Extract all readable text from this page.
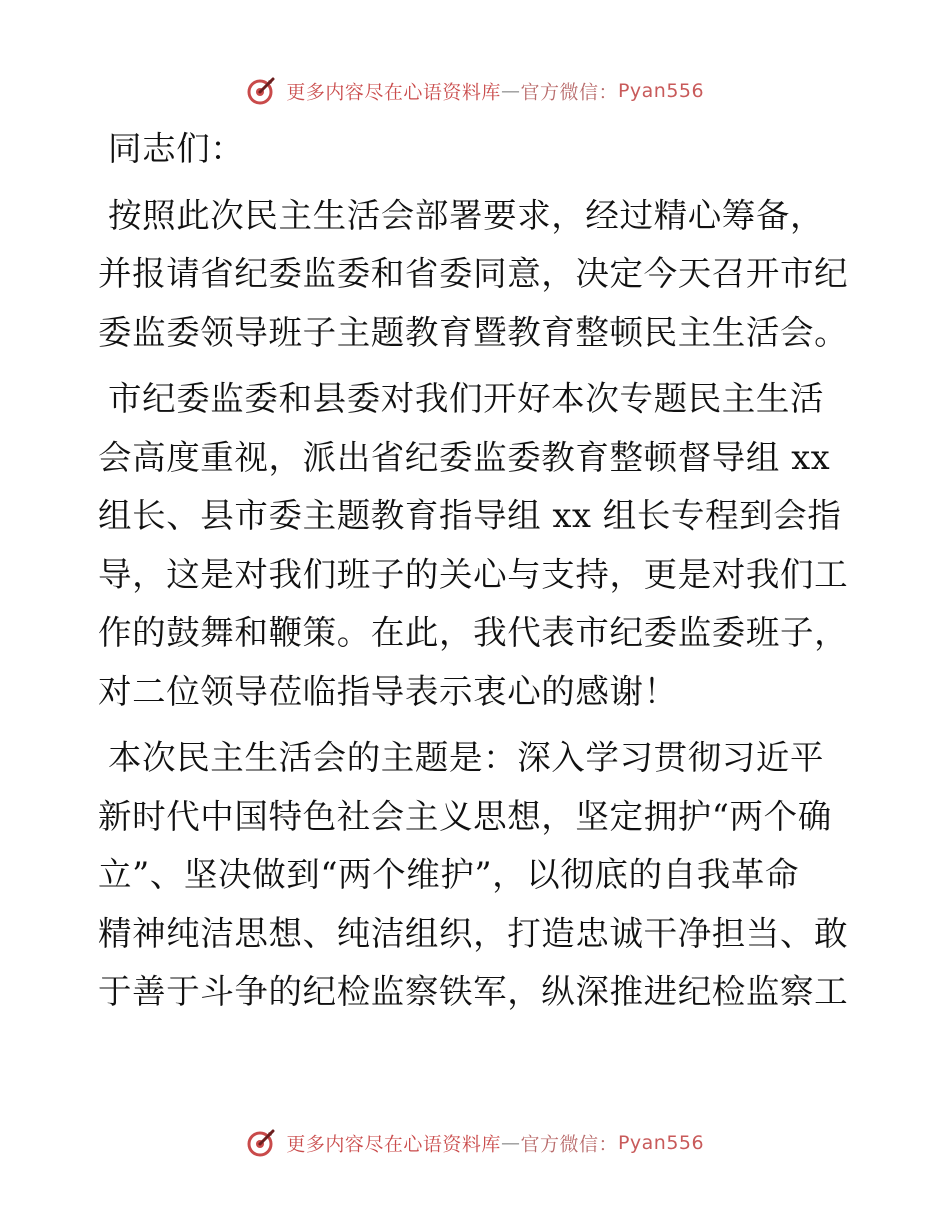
更多内容尽在心语资料库—官方微信：Pyan556
同志们：
按照此次民主生活会部署要求，经过精心筹备，
并报请省纪委监委和省委同意，决定今天召开市纪
委监委领导班子主题教育暨教育整顿民主生活会。
市纪委监委和县委对我们开好本次专题民主生活
会高度重视，派出省纪委监委教育整顿督导组 xx
组长、县市委主题教育指导组 xx 组长专程到会指
导，这是对我们班子的关心与支持，更是对我们工
作的鼓舞和鞭策。在此，我代表市纪委监委班子，
对二位领导莅临指导表示衷心的感谢！
本次民主生活会的主题是：深入学习贯彻习近平
新时代中国特色社会主义思想，坚定拥护“两个确
立”、坚决做到“两个维护”，以彻底的自我革命
精神纯洁思想、纯洁组织，打造忠诚干净担当、敢
于善于斗争的纪检监察铁军，纵深推进纪检监察工
更多内容尽在心语资料库—官方微信：Pyan556
